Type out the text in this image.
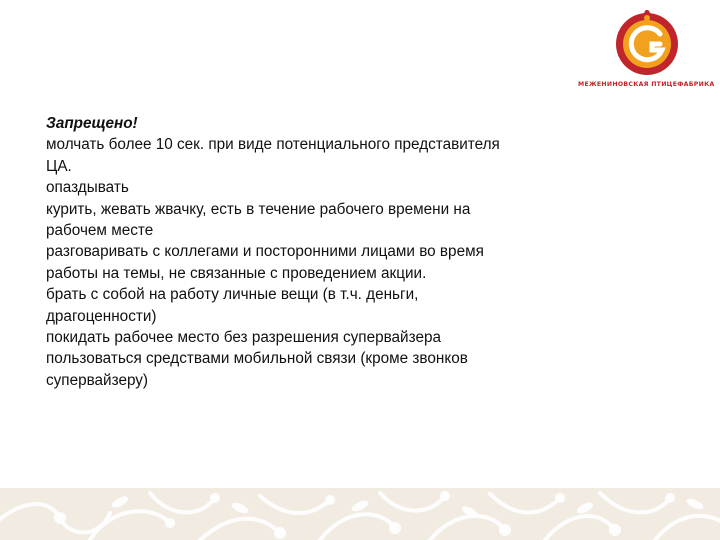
МЕЖЕНИНОВСКАЯ ПТИЦЕФАБРИКА
Запрещено!
молчать более 10 сек. при виде потенциального представителя
ЦА.
опаздывать
курить, жевать жвачку, есть в течение рабочего времени на
рабочем месте
разговаривать с коллегами и посторонними лицами во время
работы на темы, не связанные с проведением акции.
брать с собой на работу личные вещи (в т.ч. деньги,
драгоценности)
покидать рабочее место без разрешения супервайзера
пользоваться средствами мобильной связи (кроме звонков
супервайзеру)
